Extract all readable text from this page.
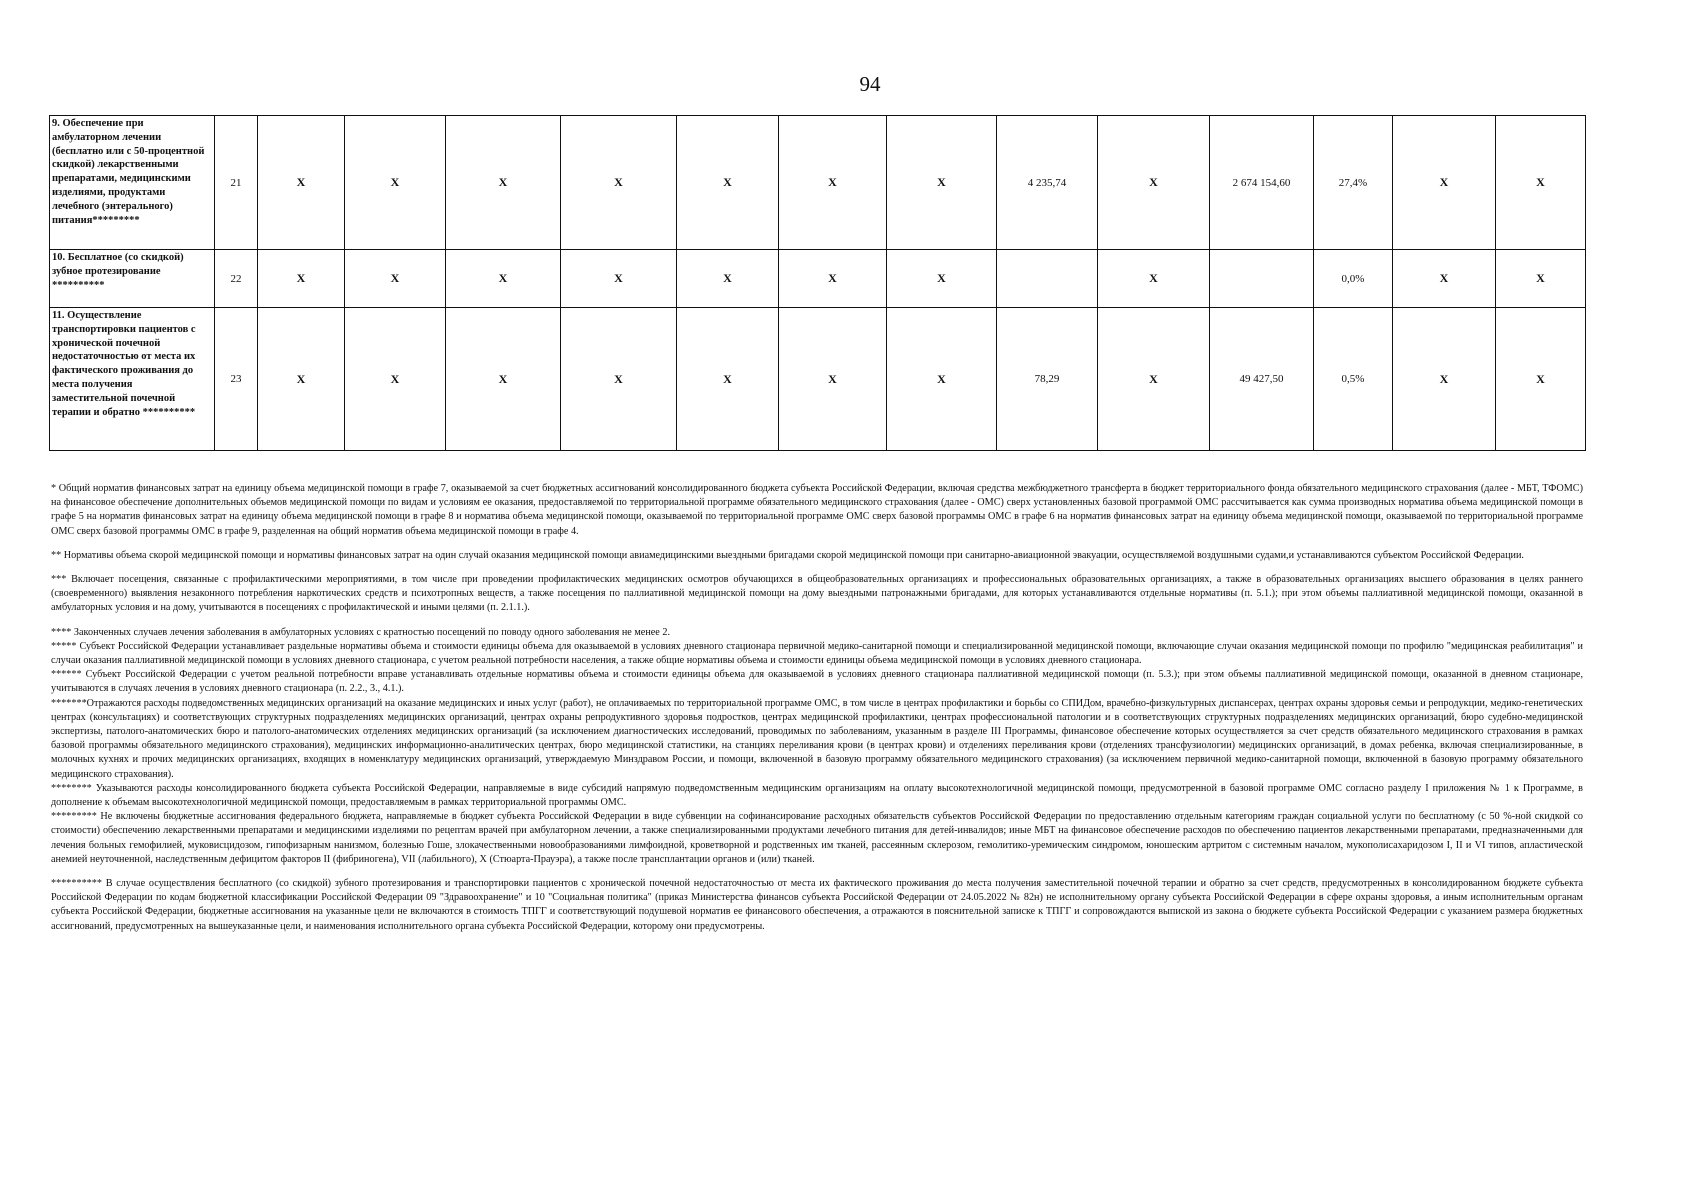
94
9. Обеспечение при амбулаторном лечении (бесплатно или с 50-процентной скидкой) лекарственными препаратами, медицинскими изделиями, продуктами лечебного (энтерального) питания*********	21	X	X	X	X	X	X	X	4 235,74	X	2 674 154,60	27,4%	X	X
10. Бесплатное (со скидкой) зубное протезирование **********	22	X	X	X	X	X	X	X		X		0,0%	X	X
11. Осуществление транспортировки пациентов с хронической почечной недостаточностью от места их фактического проживания до места получения заместительной почечной терапии и обратно **********	23	X	X	X	X	X	X	X	78,29	X	49 427,50	0,5%	X	X

* Общий норматив финансовых затрат на единицу объема медицинской помощи в графе 7, оказываемой за счет бюджетных ассигнований консолидированного бюджета субъекта Российской Федерации, включая средства межбюджетного трансферта в бюджет территориального фонда обязательного медицинского страхования (далее - МБТ, ТФОМС) на финансовое обеспечение дополнительных объемов медицинской помощи по видам и условиям ее оказания, предоставляемой по территориальной программе обязательного медицинского страхования (далее - ОМС) сверх установленных базовой программой ОМС рассчитывается как сумма производных норматива объема медицинской помощи в графе 5 на норматив финансовых затрат на единицу объема медицинской помощи в графе 8 и норматива объема медицинской помощи, оказываемой по территориальной программе ОМС сверх базовой программы ОМС в графе 6 на норматив финансовых затрат на единицу объема медицинской помощи, оказываемой по территориальной программе ОМС сверх базовой программы ОМС в графе 9, разделенная на общий норматив объема медицинской помощи в графе 4.

** Нормативы объема скорой медицинской помощи и нормативы финансовых затрат на один случай оказания медицинской помощи авиамедицинскими выездными бригадами скорой медицинской помощи при санитарно-авиационной эвакуации, осуществляемой воздушными судами,и устанавливаются субъектом Российской Федерации.

*** Включает посещения, связанные с профилактическими мероприятиями, в том числе при проведении профилактических медицинских осмотров обучающихся в общеобразовательных организациях и профессиональных образовательных организациях, а также в образовательных организациях высшего образования в целях раннего (своевременного) выявления незаконного потребления наркотических средств и психотропных веществ, а также посещения по паллиативной медицинской помощи на дому выездными патронажными бригадами, для которых устанавливаются отдельные нормативы (п. 5.1.); при этом объемы паллиативной медицинской помощи, оказанной в амбулаторных условия и на дому, учитываются в посещениях с профилактической и иными целями (п. 2.1.1.).

**** Законченных случаев лечения заболевания в амбулаторных условиях с кратностью посещений по поводу одного заболевания не менее 2.

***** Субъект Российской Федерации устанавливает раздельные нормативы объема и стоимости единицы объема для оказываемой в условиях дневного стационара первичной медико-санитарной помощи и специализированной медицинской помощи, включающие случаи оказания медицинской помощи по профилю "медицинская реабилитация" и случаи оказания паллиативной медицинской помощи в условиях дневного стационара, с учетом реальной потребности населения, а также общие нормативы объема и стоимости единицы объема медицинской помощи в условиях дневного стационара.

****** Субъект Российской Федерации с учетом реальной потребности вправе устанавливать отдельные нормативы объема и стоимости единицы объема для оказываемой в условиях дневного стационара паллиативной медицинской помощи (п. 5.3.); при этом объемы паллиативной медицинской помощи, оказанной в дневном стационаре, учитываются в случаях лечения в условиях дневного стационара (п. 2.2., 3., 4.1.).

*******Отражаются расходы подведомственных медицинских организаций на оказание медицинских и иных услуг (работ), не оплачиваемых по территориальной программе ОМС, в том числе в центрах профилактики и борьбы со СПИДом, врачебно-физкультурных диспансерах, центрах охраны здоровья семьи и репродукции, медико-генетических центрах (консультациях) и соответствующих структурных подразделениях медицинских организаций, центрах охраны репродуктивного здоровья подростков, центрах медицинской профилактики, центрах профессиональной патологии и в соответствующих структурных подразделениях медицинских организаций, бюро судебно-медицинской экспертизы, патолого-анатомических бюро и патолого-анатомических отделениях медицинских организаций (за исключением диагностических исследований, проводимых по заболеваниям, указанным в разделе III Программы, финансовое обеспечение которых осуществляется за счет средств обязательного медицинского страхования в рамках базовой программы обязательного медицинского страхования), медицинских информационно-аналитических центрах, бюро медицинской статистики, на станциях переливания крови (в центрах крови) и отделениях переливания крови (отделениях трансфузиологии) медицинских организаций, в домах ребенка, включая специализированные, в молочных кухнях и прочих медицинских организациях, входящих в номенклатуру медицинских организаций, утверждаемую Минздравом России, и помощи, включенной в базовую программу обязательного медицинского страхования) (за исключением первичной медико-санитарной помощи, включенной в базовую программу обязательного медицинского страхования).

******** Указываются расходы консолидированного бюджета субъекта Российской Федерации, направляемые в виде субсидий напрямую подведомственным медицинским организациям на оплату высокотехнологичной медицинской помощи, предусмотренной в базовой программе ОМС согласно разделу I приложения № 1 к Программе, в дополнение к объемам высокотехнологичной медицинской помощи, предоставляемым в рамках территориальной программы ОМС.

********* Не включены бюджетные ассигнования федерального бюджета, направляемые в бюджет субъекта Российской Федерации в виде субвенции на софинансирование расходных обязательств субъектов Российской Федерации по предоставлению отдельным категориям граждан социальной услуги по бесплатному (с 50 %-ной скидкой со стоимости) обеспечению лекарственными препаратами и медицинскими изделиями по рецептам врачей при амбулаторном лечении, а также специализированными продуктами лечебного питания для детей-инвалидов; иные МБТ на финансовое обеспечение расходов по обеспечению пациентов лекарственными препаратами, предназначенными для лечения больных гемофилией, муковисцидозом, гипофизарным нанизмом, болезнью Гоше, злокачественными новообразованиями лимфоидной, кроветворной и родственных им тканей, рассеянным склерозом, гемолитико-уремическим синдромом, юношеским артритом с системным началом, мукополисахаридозом I, II и VI типов, апластической анемией неуточненной, наследственным дефицитом факторов II (фибриногена), VII (лабильного), X (Стюарта-Прауэра), а также после трансплантации органов и (или) тканей.

********** В случае осуществления бесплатного (со скидкой) зубного протезирования и транспортировки пациентов с хронической почечной недостаточностью от места их фактического проживания до места получения заместительной почечной терапии и обратно за счет средств, предусмотренных в консолидированном бюджете субъекта Российской Федерации по кодам бюджетной классификации Российской Федерации 09 "Здравоохранение" и 10 "Социальная политика" (приказ Министерства финансов субъекта Российской Федерации от 24.05.2022 № 82н) не исполнительному органу субъекта Российской Федерации в сфере охраны здоровья, а иным исполнительным органам субъекта Российской Федерации, бюджетные ассигнования на указанные цели не включаются в стоимость ТПГГ и соответствующий подушевой норматив ее финансового обеспечения, а отражаются в пояснительной записке к ТПГГ и сопровождаются выпиской из закона о бюджете субъекта Российской Федерации с указанием размера бюджетных ассигнований, предусмотренных на вышеуказанные цели, и наименования исполнительного органа субъекта Российской Федерации, которому они предусмотрены.
